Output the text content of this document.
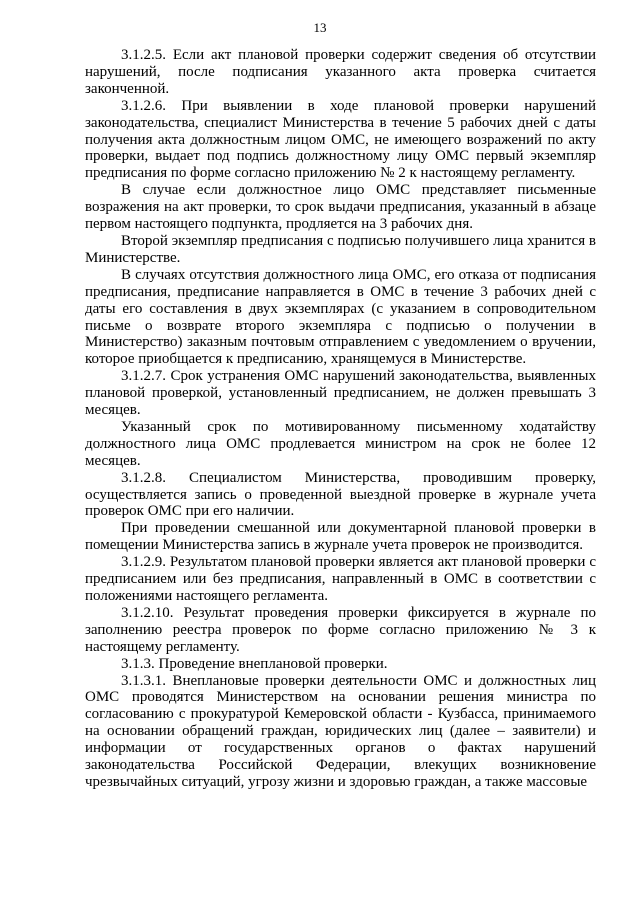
13

3.1.2.5. Если акт плановой проверки содержит сведения об отсутствии нарушений, после подписания указанного акта проверка считается законченной.

3.1.2.6. При выявлении в ходе плановой проверки нарушений законодательства, специалист Министерства в течение 5 рабочих дней с даты получения акта должностным лицом ОМС, не имеющего возражений по акту проверки, выдает под подпись должностному лицу ОМС первый экземпляр предписания по форме согласно приложению № 2 к настоящему регламенту.

В случае если должностное лицо ОМС представляет письменные возражения на акт проверки, то срок выдачи предписания, указанный в абзаце первом настоящего подпункта, продляется на 3 рабочих дня.

Второй экземпляр предписания с подписью получившего лица хранится в Министерстве.

В случаях отсутствия должностного лица ОМС, его отказа от подписания предписания, предписание направляется в ОМС в течение 3 рабочих дней с даты его составления в двух экземплярах (с указанием в сопроводительном письме о возврате второго экземпляра с подписью о получении в Министерство) заказным почтовым отправлением с уведомлением о вручении, которое приобщается к предписанию, хранящемуся в Министерстве.

3.1.2.7. Срок устранения ОМС нарушений законодательства, выявленных плановой проверкой, установленный предписанием, не должен превышать 3 месяцев.

Указанный срок по мотивированному письменному ходатайству должностного лица ОМС продлевается министром на срок не более 12 месяцев.

3.1.2.8. Специалистом Министерства, проводившим проверку, осуществляется запись о проведенной выездной проверке в журнале учета проверок ОМС при его наличии.

При проведении смешанной или документарной плановой проверки в помещении Министерства запись в журнале учета проверок не производится.

3.1.2.9. Результатом плановой проверки является акт плановой проверки с предписанием или без предписания, направленный в ОМС в соответствии с положениями настоящего регламента.

3.1.2.10. Результат проведения проверки фиксируется в журнале по заполнению реестра проверок по форме согласно приложению № 3 к настоящему регламенту.

3.1.3. Проведение внеплановой проверки.

3.1.3.1. Внеплановые проверки деятельности ОМС и должностных лиц ОМС проводятся Министерством на основании решения министра по согласованию с прокуратурой Кемеровской области - Кузбасса, принимаемого на основании обращений граждан, юридических лиц (далее – заявители) и информации от государственных органов о фактах нарушений законодательства Российской Федерации, влекущих возникновение чрезвычайных ситуаций, угрозу жизни и здоровью граждан, а также массовые
